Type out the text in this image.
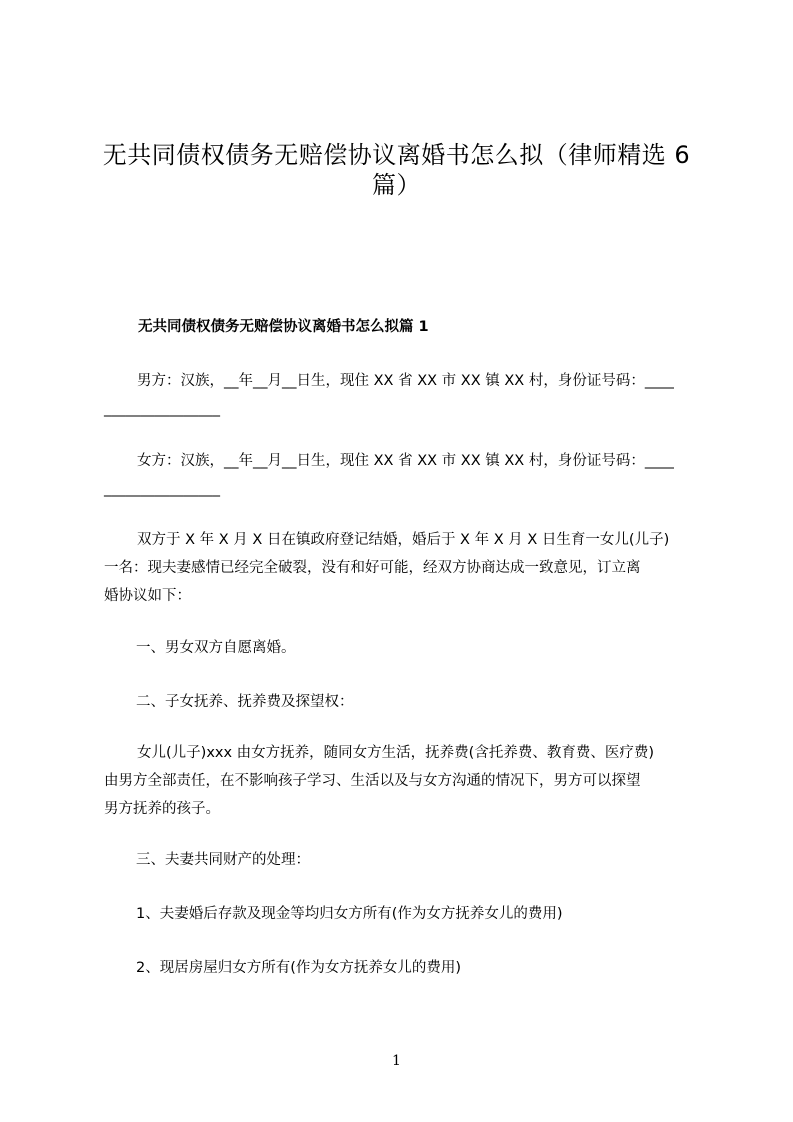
无共同债权债务无赔偿协议离婚书怎么拟（律师精选 6
篇）
无共同债权债务无赔偿协议离婚书怎么拟篇 1

男方：汉族，__年__月__日生，现住 XX 省 XX 市 XX 镇 XX 村，身份证号码：____
________________

女方：汉族，__年__月__日生，现住 XX 省 XX 市 XX 镇 XX 村，身份证号码：____
________________

双方于 X 年 X 月 X 日在镇政府登记结婚，婚后于 X 年 X 月 X 日生育一女儿(儿子)
一名：现夫妻感情已经完全破裂，没有和好可能，经双方协商达成一致意见，订立离
婚协议如下：

一、男女双方自愿离婚。

二、子女抚养、抚养费及探望权：

女儿(儿子)xxx 由女方抚养，随同女方生活，抚养费(含托养费、教育费、医疗费)
由男方全部责任，在不影响孩子学习、生活以及与女方沟通的情况下，男方可以探望
男方抚养的孩子。

三、夫妻共同财产的处理：

1、夫妻婚后存款及现金等均归女方所有(作为女方抚养女儿的费用)

2、现居房屋归女方所有(作为女方抚养女儿的费用)

1
